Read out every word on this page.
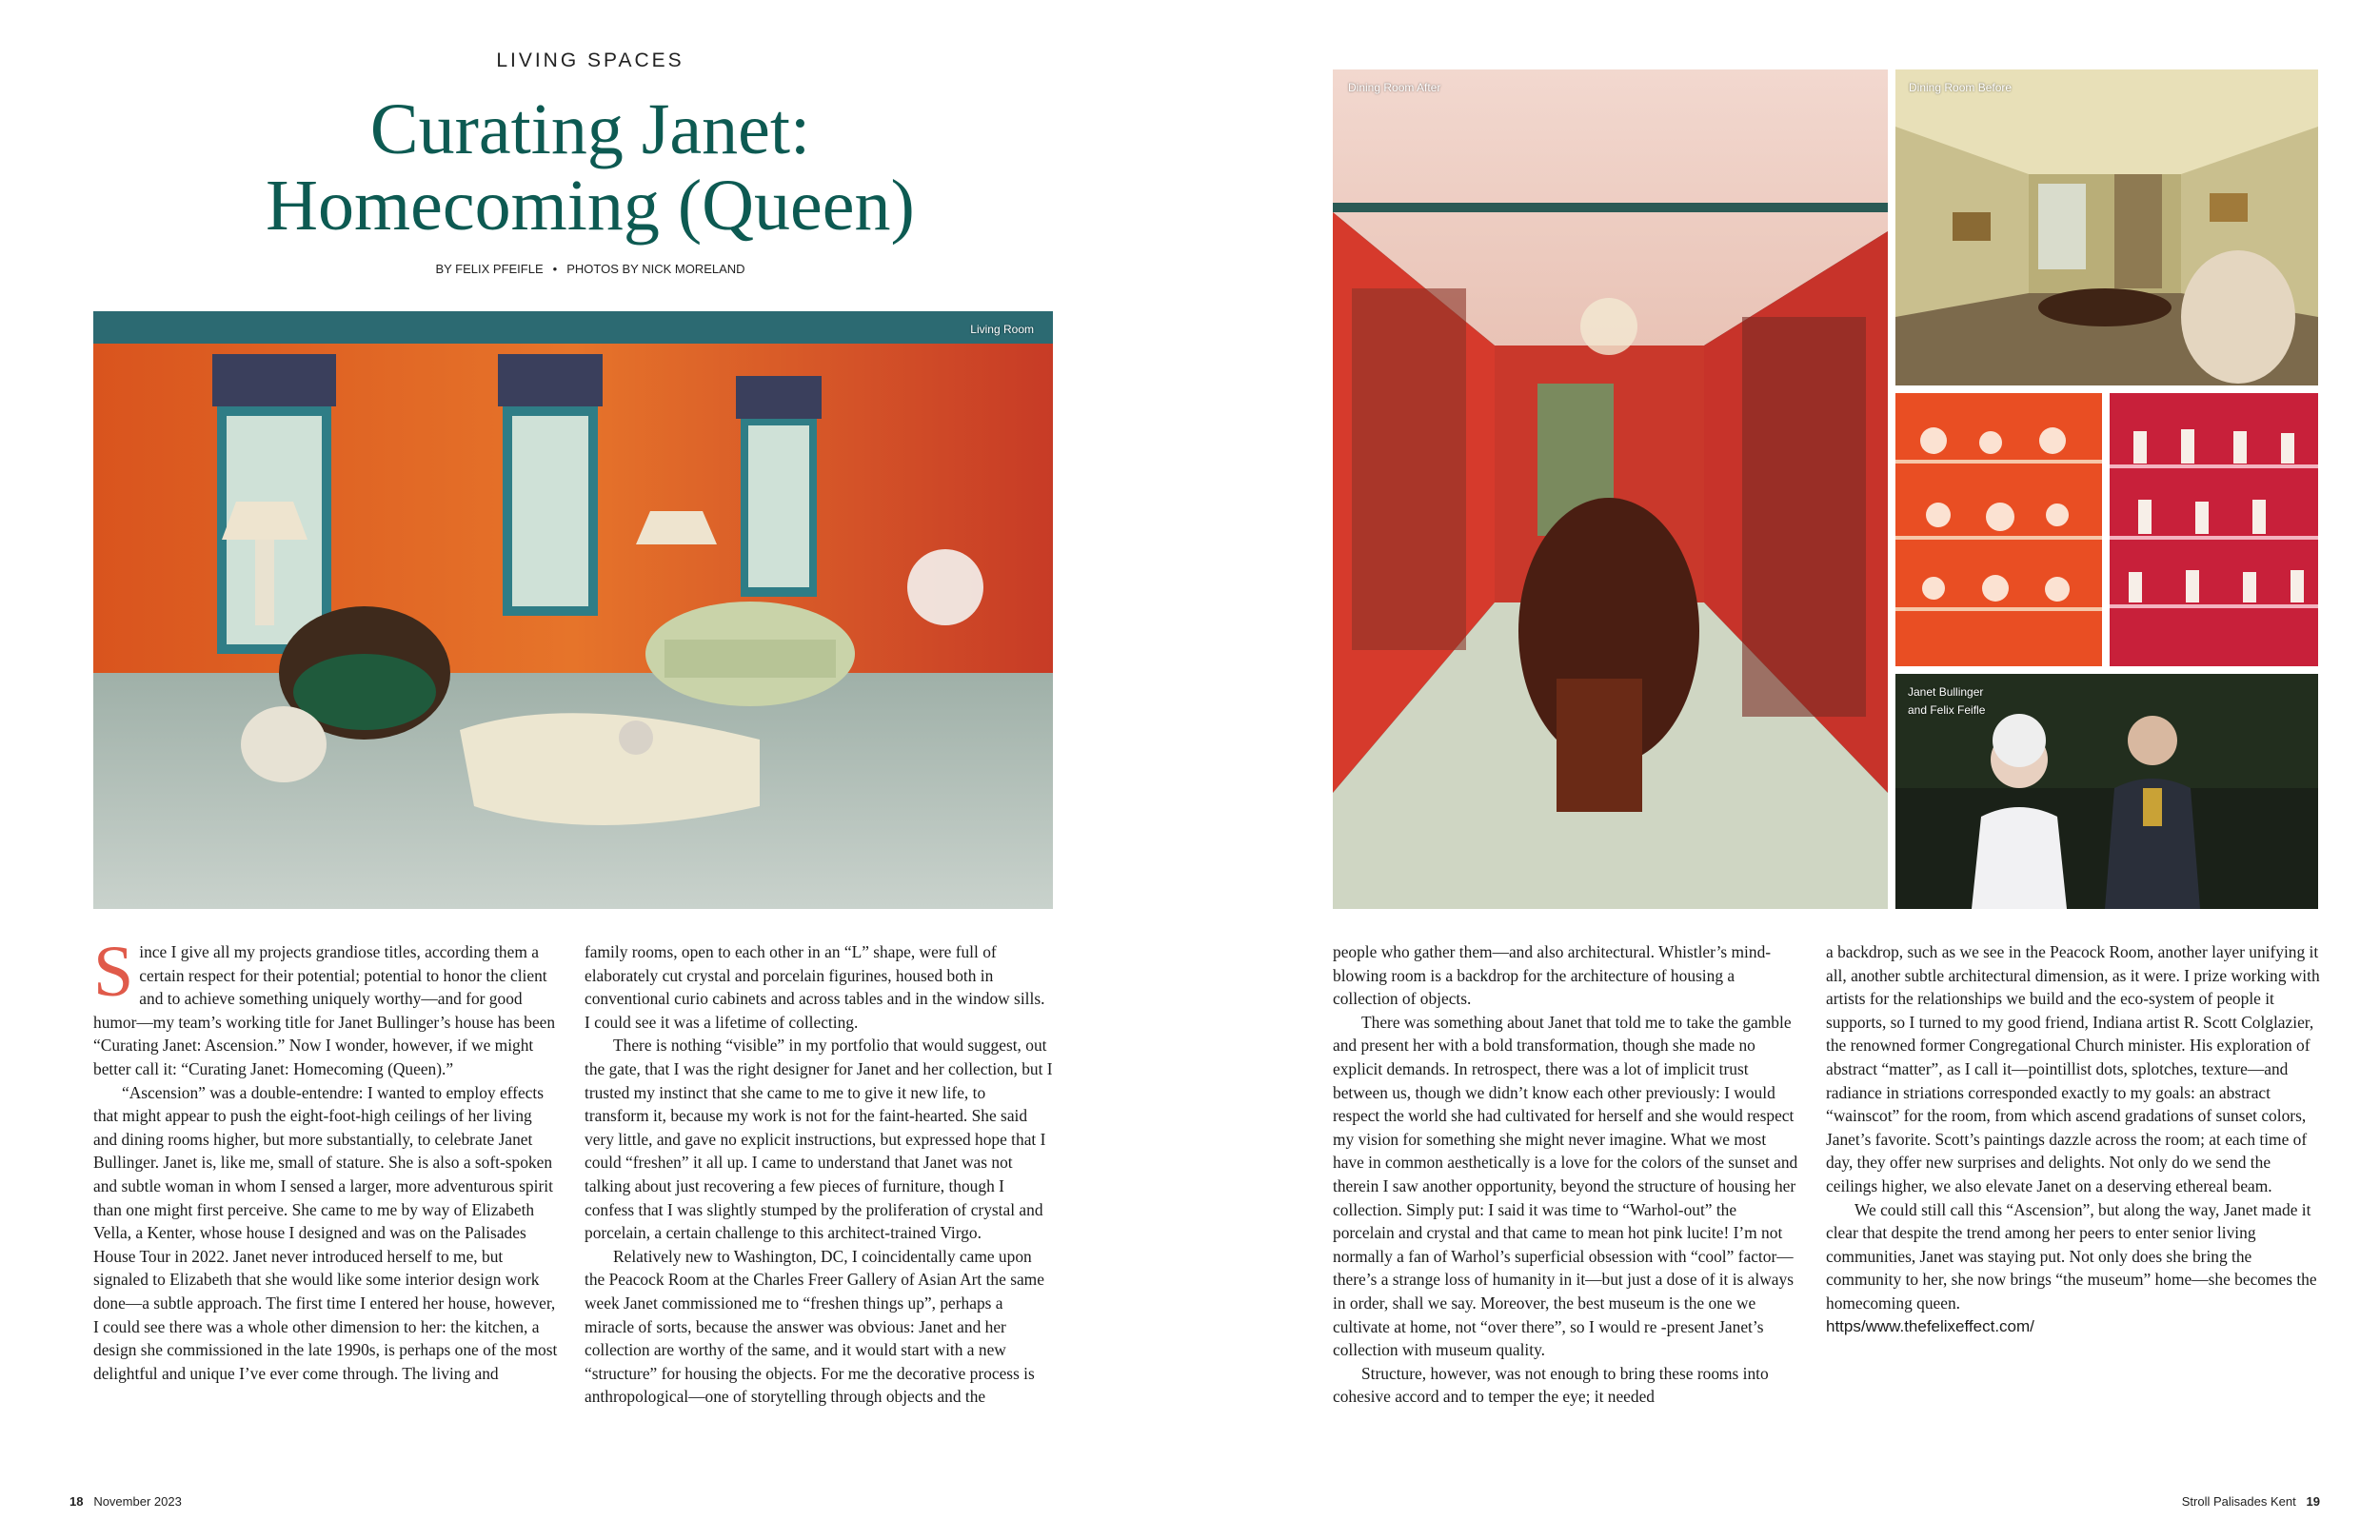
LIVING SPACES
Curating Janet:
Homecoming (Queen)
BY FELIX PFEIFLE • PHOTOS BY NICK MORELAND
Living Room
Dining Room After	Dining Room Before
Janet Bullinger
and Felix Feifle

Since I give all my projects grandiose titles, according them a certain respect for their potential; potential to honor the client and to achieve something uniquely worthy—and for good humor—my team’s working title for Janet Bullinger’s house has been “Curating Janet: Ascension.” Now I wonder, however, if we might better call it: “Curating Janet: Homecoming (Queen).”

“Ascension” was a double-entendre: I wanted to employ effects that might appear to push the eight-foot-high ceilings of her living and dining rooms higher, but more substantially, to celebrate Janet Bullinger. Janet is, like me, small of stature. She is also a soft-spoken and subtle woman in whom I sensed a larger, more adventurous spirit than one might first perceive. She came to me by way of Elizabeth Vella, a Kenter, whose house I designed and was on the Palisades House Tour in 2022. Janet never introduced herself to me, but signaled to Elizabeth that she would like some interior design work done—a subtle approach. The first time I entered her house, however, I could see there was a whole other dimension to her: the kitchen, a design she commissioned in the late 1990s, is perhaps one of the most delightful and unique I’ve ever come through. The living and

family rooms, open to each other in an “L” shape, were full of elaborately cut crystal and porcelain figurines, housed both in conventional curio cabinets and across tables and in the window sills. I could see it was a lifetime of collecting.

There is nothing “visible” in my portfolio that would suggest, out the gate, that I was the right designer for Janet and her collection, but I trusted my instinct that she came to me to give it new life, to transform it, because my work is not for the faint-hearted. She said very little, and gave no explicit instructions, but expressed hope that I could “freshen” it all up. I came to understand that Janet was not talking about just recovering a few pieces of furniture, though I confess that I was slightly stumped by the proliferation of crystal and porcelain, a certain challenge to this architect-trained Virgo.

Relatively new to Washington, DC, I coincidentally came upon the Peacock Room at the Charles Freer Gallery of Asian Art the same week Janet commissioned me to “freshen things up”, perhaps a miracle of sorts, because the answer was obvious: Janet and her collection are worthy of the same, and it would start with a new “structure” for housing the objects. For me the decorative process is anthropological—one of storytelling through objects and the

people who gather them—and also architectural. Whistler’s mind-blowing room is a backdrop for the architecture of housing a collection of objects.

There was something about Janet that told me to take the gamble and present her with a bold transformation, though she made no explicit demands. In retrospect, there was a lot of implicit trust between us, though we didn’t know each other previously: I would respect the world she had cultivated for herself and she would respect my vision for something she might never imagine. What we most have in common aesthetically is a love for the colors of the sunset and therein I saw another opportunity, beyond the structure of housing her collection. Simply put: I said it was time to “Warhol-out” the porcelain and crystal and that came to mean hot pink lucite! I’m not normally a fan of Warhol’s superficial obsession with “cool” factor—there’s a strange loss of humanity in it—but just a dose of it is always in order, shall we say. Moreover, the best museum is the one we cultivate at home, not “over there”, so I would re -present Janet’s collection with museum quality.

Structure, however, was not enough to bring these rooms into cohesive accord and to temper the eye; it needed

a backdrop, such as we see in the Peacock Room, another layer unifying it all, another subtle architectural dimension, as it were. I prize working with artists for the relationships we build and the eco-system of people it supports, so I turned to my good friend, Indiana artist R. Scott Colglazier, the renowned former Congregational Church minister. His exploration of abstract “matter”, as I call it—pointillist dots, splotches, texture—and radiance in striations corresponded exactly to my goals: an abstract “wainscot” for the room, from which ascend gradations of sunset colors, Janet’s favorite. Scott’s paintings dazzle across the room; at each time of day, they offer new surprises and delights. Not only do we send the ceilings higher, we also elevate Janet on a deserving ethereal beam.

We could still call this “Ascension”, but along the way, Janet made it clear that despite the trend among her peers to enter senior living communities, Janet was staying put. Not only does she bring the community to her, she now brings “the museum” home—she becomes the homecoming queen.

https/www.thefelixeffect.com/

18 November 2023	Stroll Palisades Kent 19
